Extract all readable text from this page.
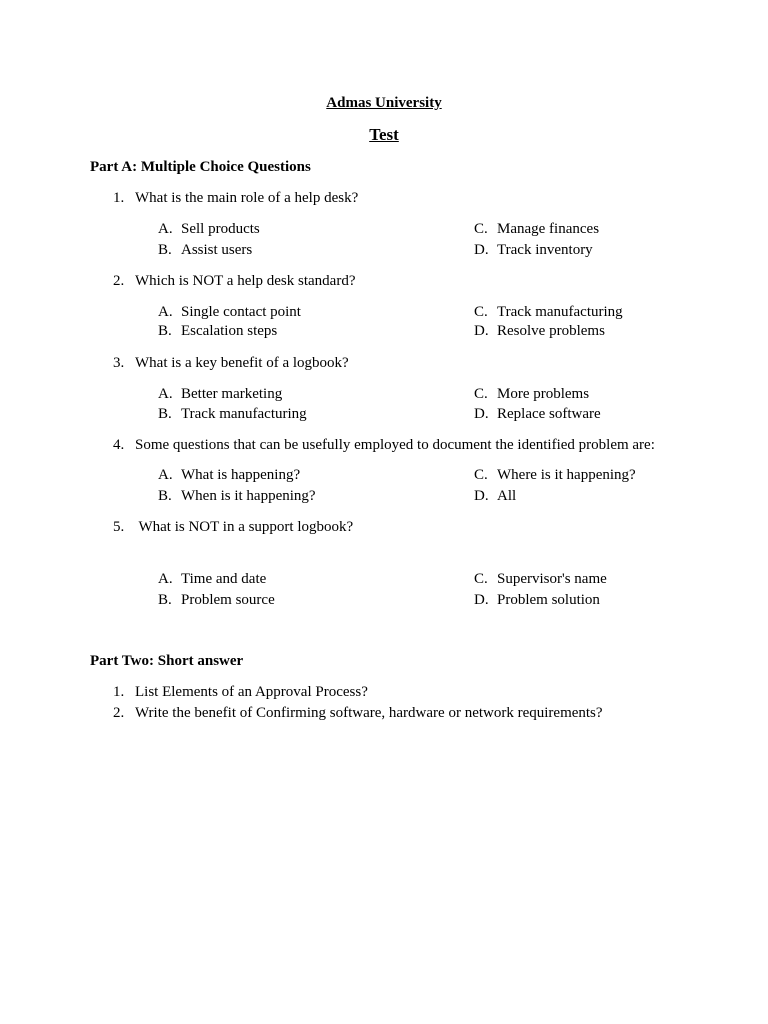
Admas University
Test
Part A: Multiple Choice Questions
1. What is the main role of a help desk?
A. Sell products
B. Assist users
C. Manage finances
D. Track inventory
2. Which is NOT a help desk standard?
A. Single contact point
B. Escalation steps
C. Track manufacturing
D. Resolve problems
3. What is a key benefit of a logbook?
A. Better marketing
B. Track manufacturing
C. More problems
D. Replace software
4. Some questions that can be usefully employed to document the identified problem are:
A. What is happening?
B. When is it happening?
C. Where is it happening?
D. All
5. What is NOT in a support logbook?
A. Time and date
B. Problem source
C. Supervisor's name
D. Problem solution
Part Two: Short answer
1. List Elements of an Approval Process?
2. Write the benefit of Confirming software, hardware or network requirements?
